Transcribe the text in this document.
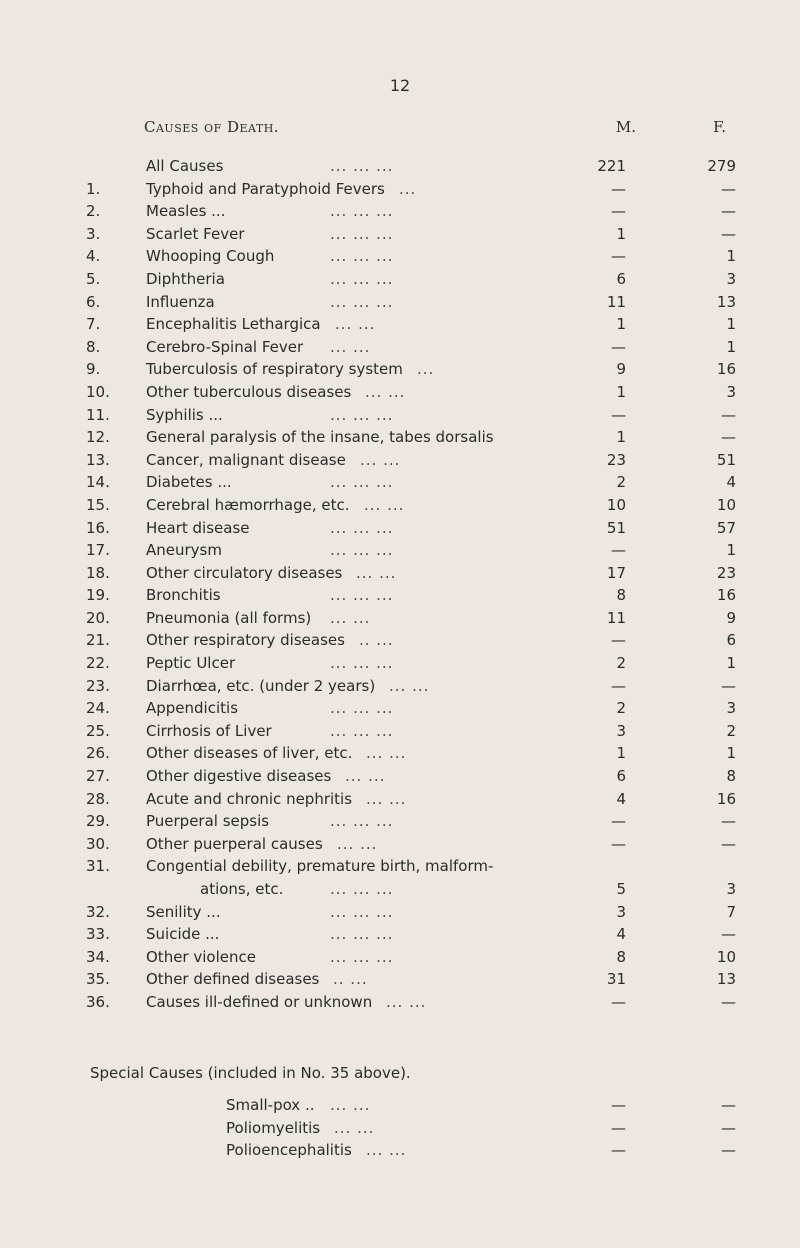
12
Causes of Death.	M.	F.
All Causes	... ... ...	221	279
1.	Typhoid and Paratyphoid Fevers ...	—	—
2.	Measles ...	... ... ...	—	—
3.	Scarlet Fever	... ... ...	1	—
4.	Whooping Cough	... ... ...	—	1
5.	Diphtheria	... ... ...	6	3
6.	Influenza	... ... ...	11	13
7.	Encephalitis Lethargica ... ...	1	1
8.	Cerebro-Spinal Fever ... ...	—	1
9.	Tuberculosis of respiratory system ...	9	16
10.	Other tuberculous diseases ... ...	1	3
11.	Syphilis ...	... ... ...	—	—
12.	General paralysis of the insane, tabes dorsalis	1	—
13.	Cancer, malignant disease ... ...	23	51
14.	Diabetes ...	... ... ...	2	4
15.	Cerebral hæmorrhage, etc. ... ...	10	10
16.	Heart disease	... ... ...	51	57
17.	Aneurysm	... ... ...	—	1
18.	Other circulatory diseases ... ...	17	23
19.	Bronchitis	... ... ...	8	16
20.	Pneumonia (all forms) ... ...	11	9
21.	Other respiratory diseases .. ...	—	6
22.	Peptic Ulcer	... ... ...	2	1
23.	Diarrhœa, etc. (under 2 years) ... ...	—	—
24.	Appendicitis	... ... ...	2	3
25.	Cirrhosis of Liver	... ... ...	3	2
26.	Other diseases of liver, etc. ... ...	1	1
27.	Other digestive diseases ... ...	6	8
28.	Acute and chronic nephritis ... ...	4	16
29.	Puerperal sepsis	... ... ...	—	—
30.	Other puerperal causes ... ...	—	—
31.	Congential debility, premature birth, malform-
ations, etc.	... ... ...	5	3
32.	Senility ...	... ... ...	3	7
33.	Suicide ...	... ... ...	4	—
34.	Other violence	... ... ...	8	10
35.	Other defined diseases .. ...	31	13
36.	Causes ill-defined or unknown ... ...	—	—
Special Causes (included in No. 35 above).
Small-pox .. ... ...	—	—
Poliomyelitis ... ...	—	—
Polioencephalitis ... ...	—	—
